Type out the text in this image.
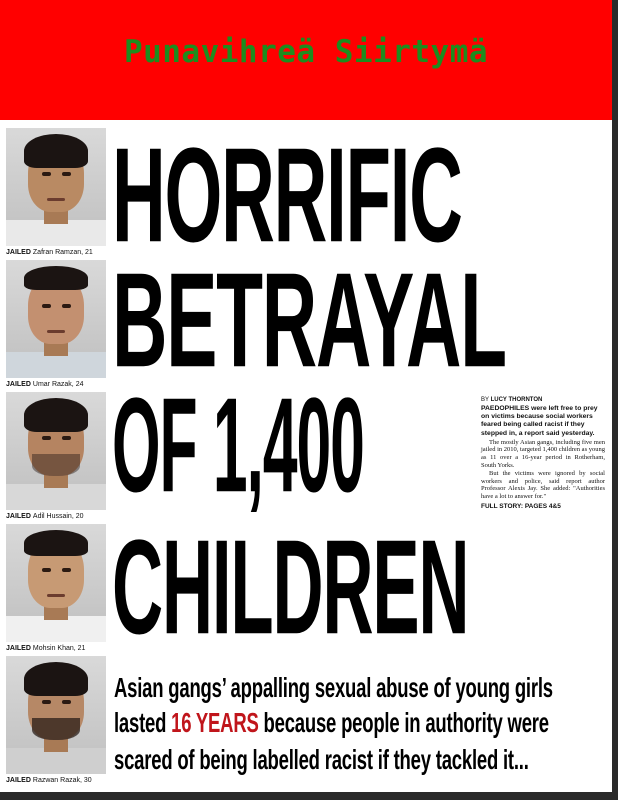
Punavihreä Siirtymä
JAILED Zafran Ramzan, 21
JAILED Umar Razak, 24
JAILED Adil Hussain, 20
JAILED Mohsin Khan, 21
JAILED Razwan Razak, 30
HORRIFIC
BETRAYAL
OF 1,400
CHILDREN
BY LUCY THORNTON
PAEDOPHILES were left free to prey on victims because social workers feared being called racist if they stepped in, a report said yesterday.
The mostly Asian gangs, including five men jailed in 2010, targeted 1,400 children as young as 11 over a 16-year period in Rotherham, South Yorks.
But the victims were ignored by social workers and police, said report author Professor Alexis Jay. She added: "Authorities have a lot to answer for."
FULL STORY: PAGES 4&5
Asian gangs’ appalling sexual abuse of young girls
lasted 16 YEARS because people in authority were
scared of being labelled racist if they tackled it...
